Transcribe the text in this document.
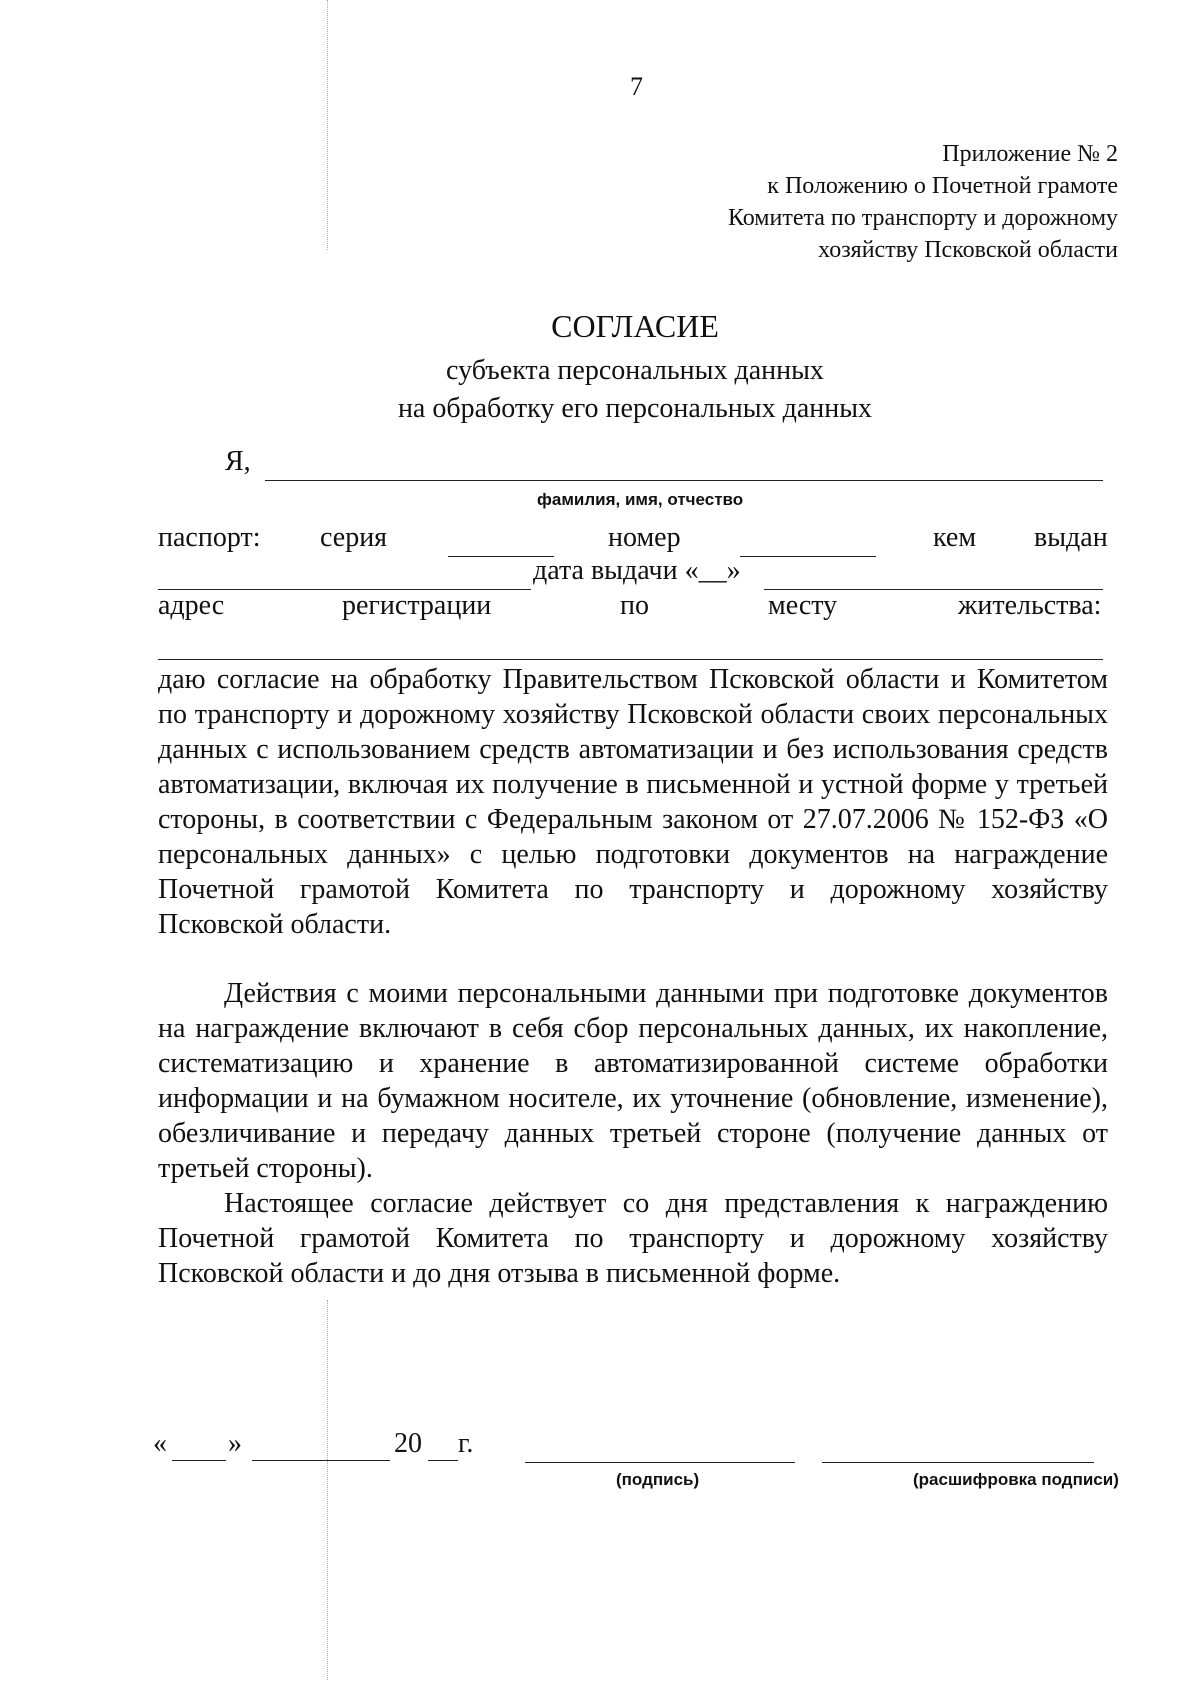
7
Приложение № 2
к Положению о Почетной грамоте
Комитета по транспорту и дорожному
хозяйству Псковской области
СОГЛАСИЕ
субъекта персональных данных
на обработку его персональных данных
Я,
фамилия, имя, отчество
паспорт: серия	номер	кем выдан
дата выдачи «__»
адрес	регистрации	по	месту	жительства:
даю согласие на обработку Правительством Псковской области и Комитетом по транспорту и дорожному хозяйству Псковской области своих персональных данных с использованием средств автоматизации и без использования средств автоматизации, включая их получение в письменной и устной форме у третьей стороны, в соответствии с Федеральным законом от 27.07.2006 № 152-ФЗ «О персональных данных» с целью подготовки документов на награждение Почетной грамотой Комитета по транспорту и дорожному хозяйству Псковской области.
Действия с моими персональными данными при подготовке документов на награждение включают в себя сбор персональных данных, их накопление, систематизацию и хранение в автоматизированной системе обработки информации и на бумажном носителе, их уточнение (обновление, изменение), обезличивание и передачу данных третьей стороне (получение данных от третьей стороны).
Настоящее согласие действует со дня представления к награждению Почетной грамотой Комитета по транспорту и дорожному хозяйству Псковской области и до дня отзыва в письменной форме.
« »	20 г.
(подпись)	(расшифровка подписи)
